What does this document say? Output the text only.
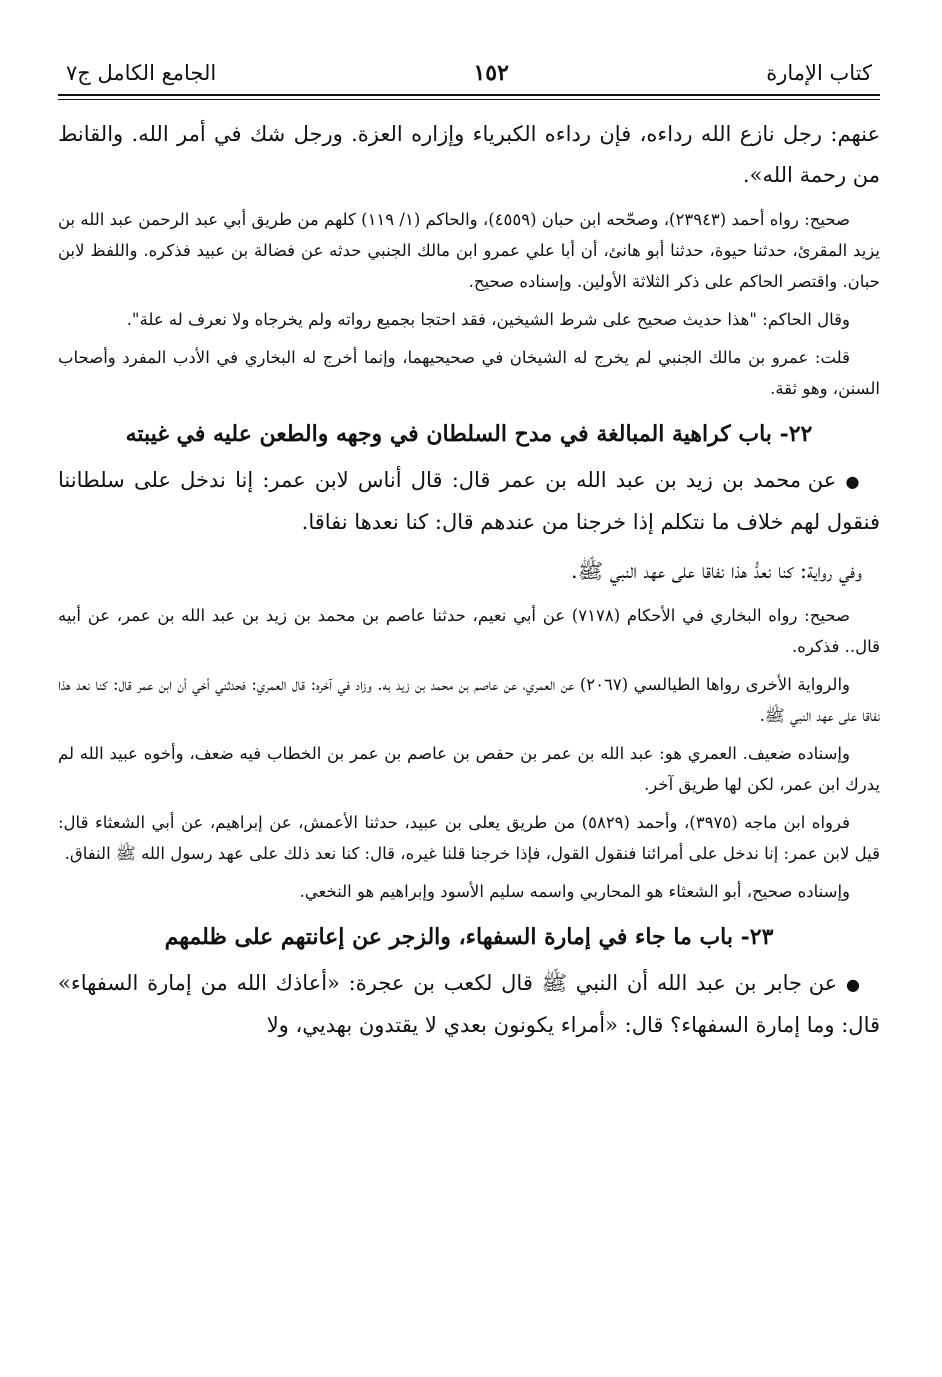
كتاب الإمارة
١٥٢
الجامع الكامل ج٧

عنهم: رجل نازع الله رداءه، فإن رداءه الكبرياء وإزاره العزة. ورجل شك في أمر الله. والقانط من رحمة الله».

صحيح: رواه أحمد (٢٣٩٤٣)، وصحّحه ابن حبان (٤٥٥٩)، والحاكم (١/ ١١٩) كلهم من طريق أبي عبد الرحمن عبد الله بن يزيد المقرئ، حدثنا حيوة، حدثنا أبو هانئ، أن أبا علي عمرو ابن مالك الجنبي حدثه عن فضالة بن عبيد فذكره. واللفظ لابن حبان. واقتصر الحاكم على ذكر الثلاثة الأولين. وإسناده صحيح.

وقال الحاكم: "هذا حديث صحيح على شرط الشيخين، فقد احتجا بجميع رواته ولم يخرجاه ولا نعرف له علة".

قلت: عمرو بن مالك الجنبي لم يخرج له الشيخان في صحيحيهما، وإنما أخرج له البخاري في الأدب المفرد وأصحاب السنن، وهو ثقة.

٢٢- باب كراهية المبالغة في مدح السلطان في وجهه والطعن عليه في غيبته

● عن محمد بن زيد بن عبد الله بن عمر قال: قال أناس لابن عمر: إنا ندخل على سلطاننا فنقول لهم خلاف ما نتكلم إذا خرجنا من عندهم قال: كنا نعدها نفاقا.

وفي رواية: كنا نعدُّ هذا نفاقا على عهد النبي ﷺ.

صحيح: رواه البخاري في الأحكام (٧١٧٨) عن أبي نعيم، حدثنا عاصم بن محمد بن زيد بن عبد الله بن عمر، عن أبيه قال.. فذكره.

والرواية الأخرى رواها الطيالسي (٢٠٦٧) عن العمري، عن عاصم بن محمد بن زيد به. وزاد في آخره: قال العمري: فحدثني أخي أن ابن عمر قال: كنا نعد هذا نفاقا على عهد النبي ﷺ.

وإسناده ضعيف. العمري هو: عبد الله بن عمر بن حفص بن عاصم بن عمر بن الخطاب فيه ضعف، وأخوه عبيد الله لم يدرك ابن عمر، لكن لها طريق آخر.

فرواه ابن ماجه (٣٩٧٥)، وأحمد (٥٨٢٩) من طريق يعلى بن عبيد، حدثنا الأعمش، عن إبراهيم، عن أبي الشعثاء قال: قيل لابن عمر: إنا ندخل على أمرائنا فنقول القول، فإذا خرجنا قلنا غيره، قال: كنا نعد ذلك على عهد رسول الله ﷺ النفاق.

وإسناده صحيح، أبو الشعثاء هو المحاربي واسمه سليم الأسود وإبراهيم هو النخعي.

٢٣- باب ما جاء في إمارة السفهاء، والزجر عن إعانتهم على ظلمهم

● عن جابر بن عبد الله أن النبي ﷺ قال لكعب بن عجرة: «أعاذك الله من إمارة السفهاء» قال: وما إمارة السفهاء؟ قال: «أمراء يكونون بعدي لا يقتدون بهديي، ولا
